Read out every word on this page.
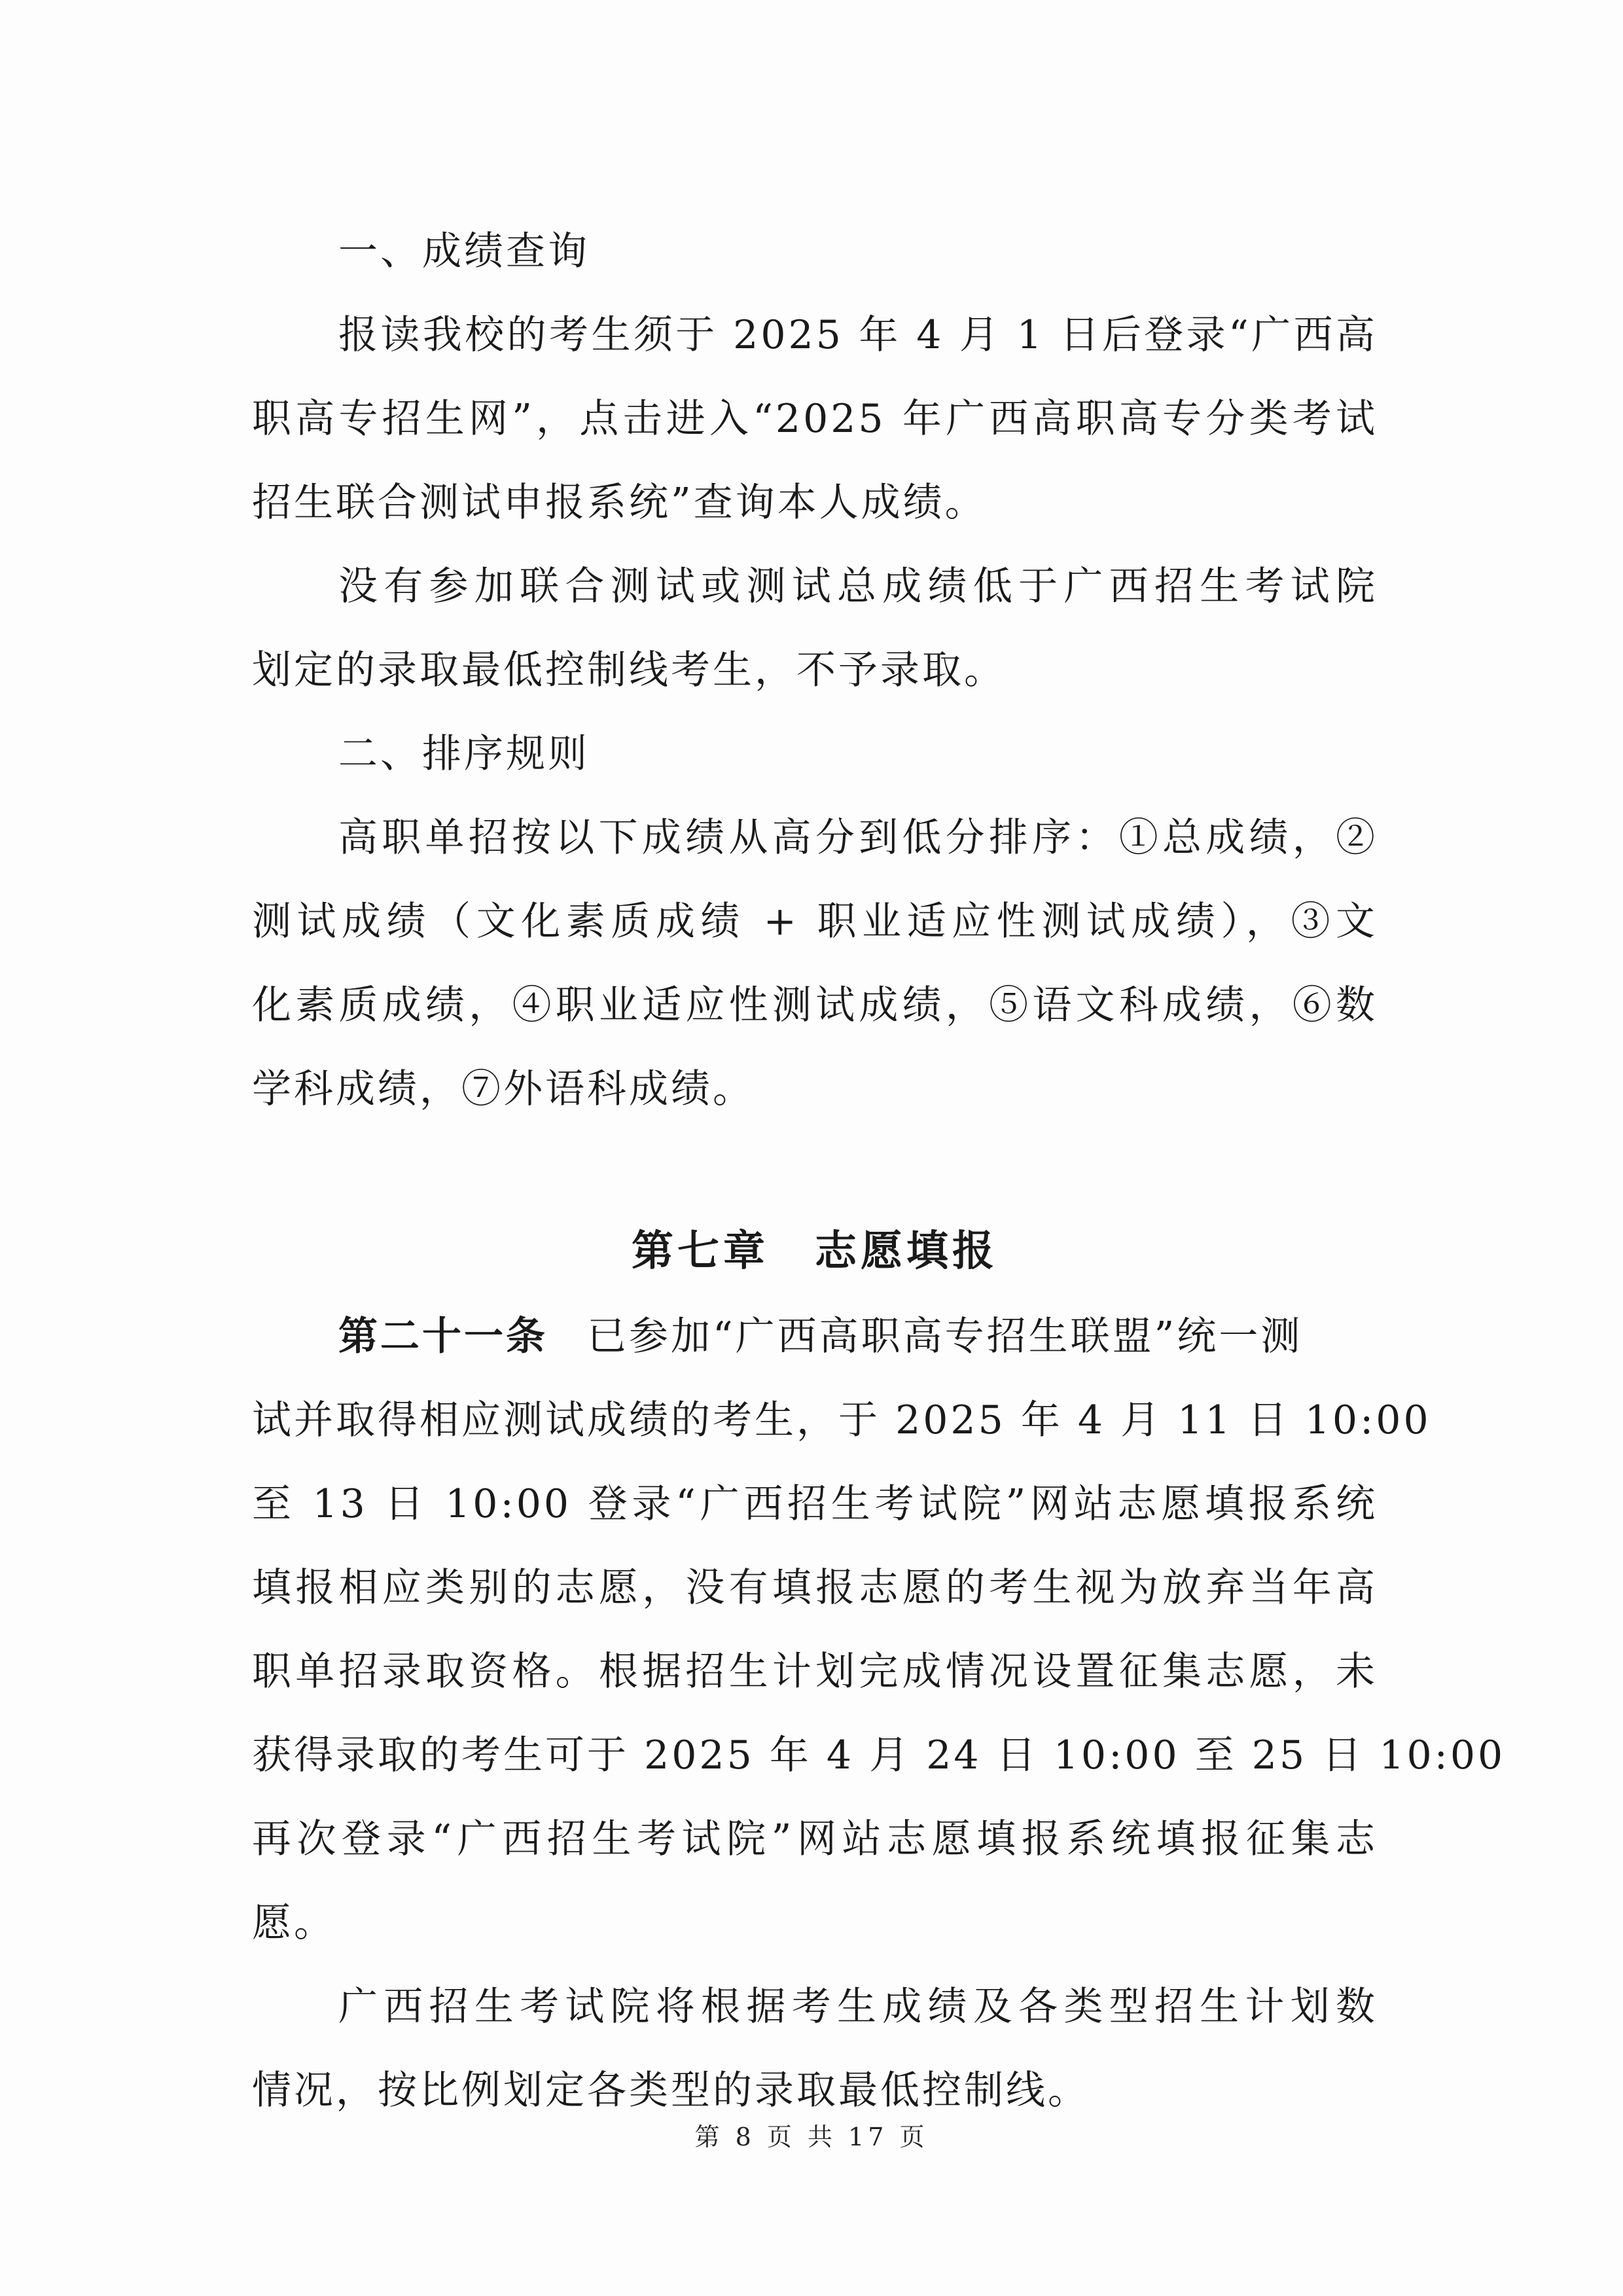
一、成绩查询

报读我校的考生须于 2025 年 4 月 1 日后登录“广西高

职高专招生网”，点击进入“2025 年广西高职高专分类考试

招生联合测试申报系统”查询本人成绩。

没有参加联合测试或测试总成绩低于广西招生考试院

划定的录取最低控制线考生，不予录取。

二、排序规则

高职单招按以下成绩从高分到低分排序：①总成绩，②

测试成绩（文化素质成绩 + 职业适应性测试成绩），③文

化素质成绩，④职业适应性测试成绩，⑤语文科成绩，⑥数

学科成绩，⑦外语科成绩。

第七章 志愿填报

第二十一条 已参加“广西高职高专招生联盟”统一测

试并取得相应测试成绩的考生，于 2025 年 4 月 11 日 10:00

至 13 日 10:00 登录“广西招生考试院”网站志愿填报系统

填报相应类别的志愿，没有填报志愿的考生视为放弃当年高

职单招录取资格。根据招生计划完成情况设置征集志愿，未

获得录取的考生可于 2025 年 4 月 24 日 10:00 至 25 日 10:00

再次登录“广西招生考试院”网站志愿填报系统填报征集志

愿。

广西招生考试院将根据考生成绩及各类型招生计划数

情况，按比例划定各类型的录取最低控制线。

第 8 页 共 17 页
